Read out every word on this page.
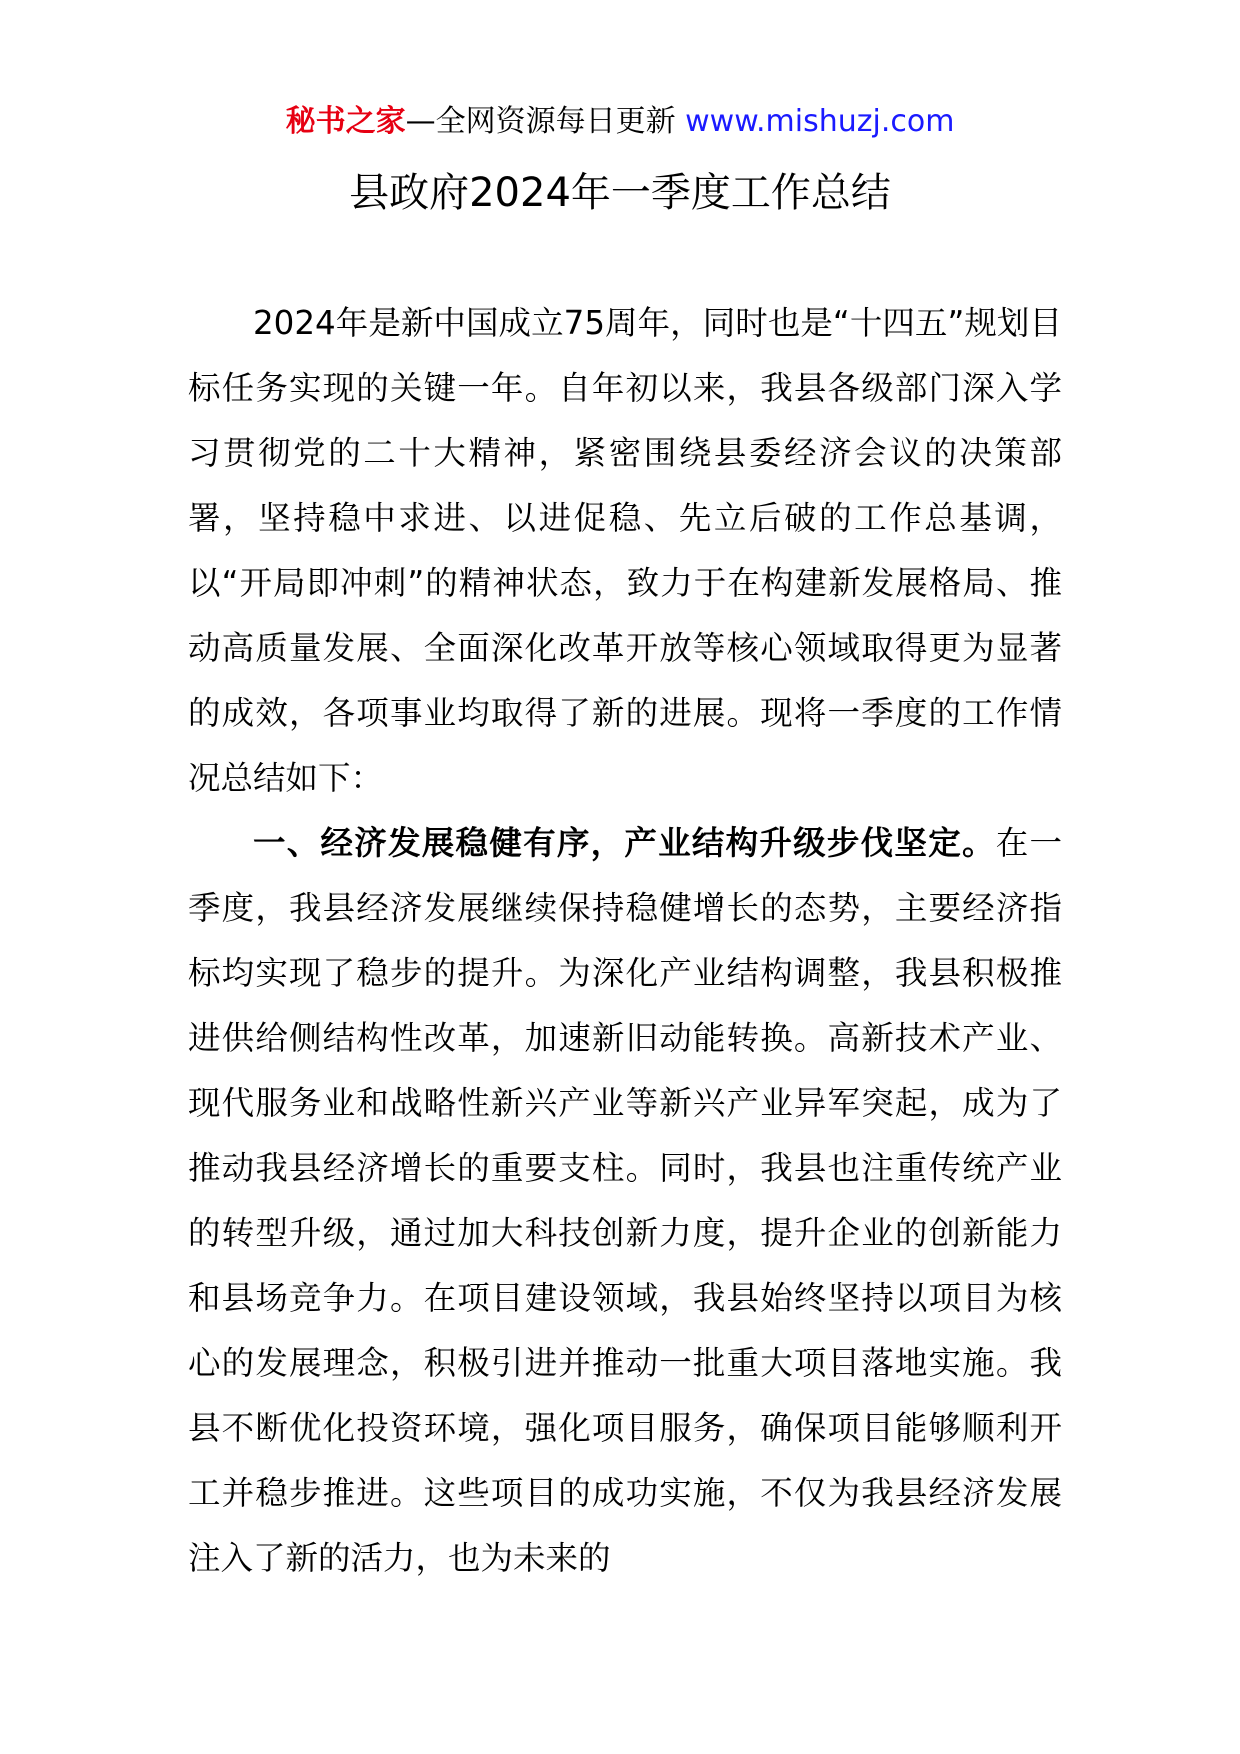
秘书之家—全网资源每日更新 www.mishuzj.com
县政府2024年一季度工作总结

2024年是新中国成立75周年，同时也是“十四五”规划目标任务实现的关键一年。自年初以来，我县各级部门深入学习贯彻党的二十大精神，紧密围绕县委经济会议的决策部署，坚持稳中求进、以进促稳、先立后破的工作总基调，以“开局即冲刺”的精神状态，致力于在构建新发展格局、推动高质量发展、全面深化改革开放等核心领域取得更为显著的成效，各项事业均取得了新的进展。现将一季度的工作情况总结如下：

一、经济发展稳健有序，产业结构升级步伐坚定。在一季度，我县经济发展继续保持稳健增长的态势，主要经济指标均实现了稳步的提升。为深化产业结构调整，我县积极推进供给侧结构性改革，加速新旧动能转换。高新技术产业、现代服务业和战略性新兴产业等新兴产业异军突起，成为了推动我县经济增长的重要支柱。同时，我县也注重传统产业的转型升级，通过加大科技创新力度，提升企业的创新能力和县场竞争力。在项目建设领域，我县始终坚持以项目为核心的发展理念，积极引进并推动一批重大项目落地实施。我县不断优化投资环境，强化项目服务，确保项目能够顺利开工并稳步推进。这些项目的成功实施，不仅为我县经济发展注入了新的活力，也为未来的
